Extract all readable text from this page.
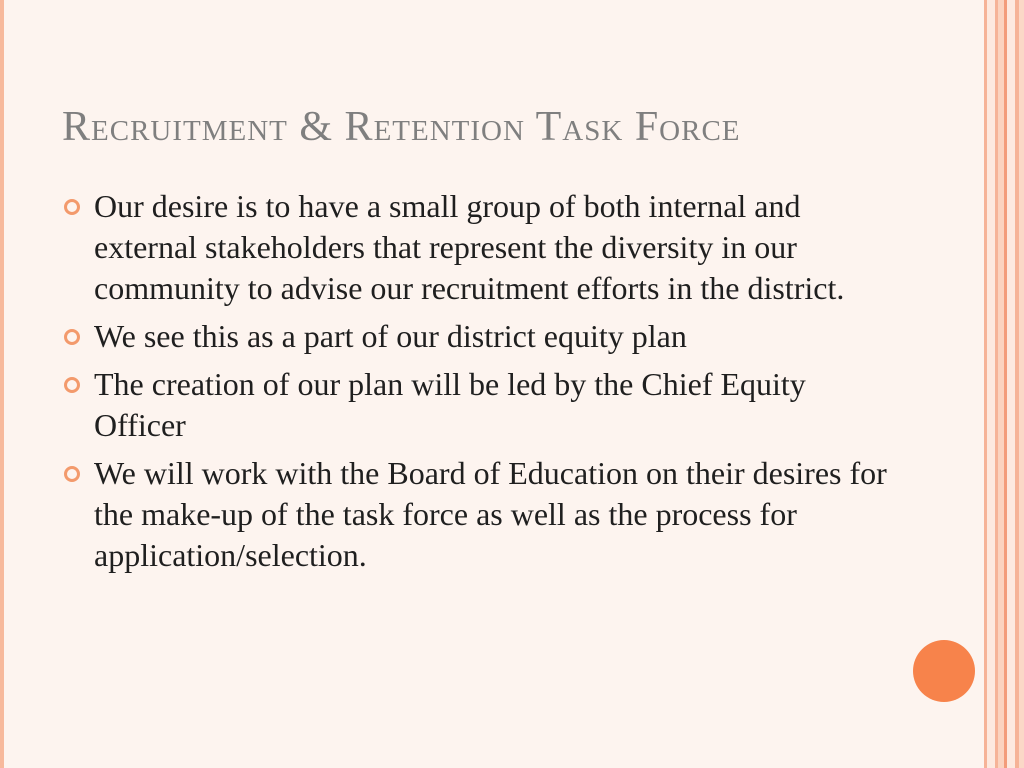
Recruitment & Retention Task Force
Our desire is to have a small group of both internal and external stakeholders that represent the diversity in our community to advise our recruitment efforts in the district.
We see this as a part of our district equity plan
The creation of our plan will be led by the Chief Equity Officer
We will work with the Board of Education on their desires for the make-up of the task force as well as the process for application/selection.
